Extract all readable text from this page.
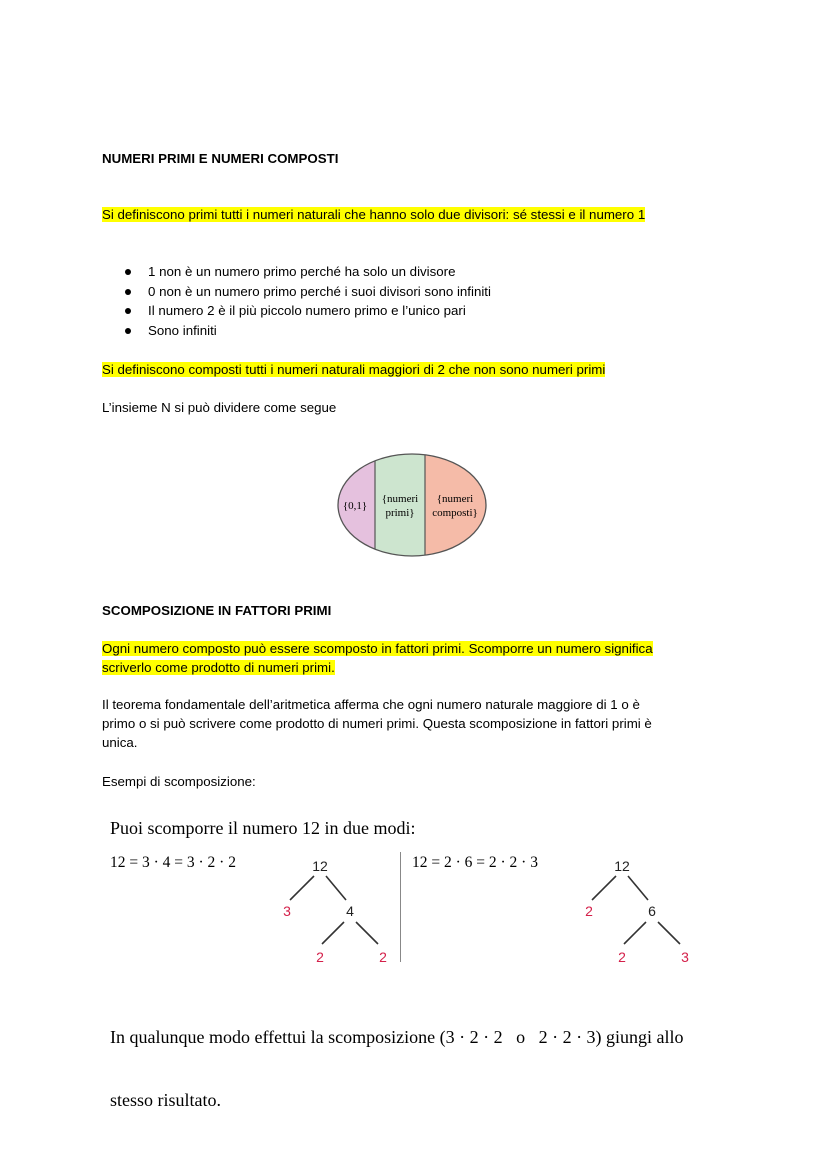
NUMERI PRIMI E NUMERI COMPOSTI
Si definiscono primi tutti i numeri naturali che hanno solo due divisori: sé stessi e il numero 1
1 non è un numero primo perché ha solo un divisore
0 non è un numero primo perché i suoi divisori sono infiniti
Il numero 2 è il più piccolo numero primo e l’unico pari
Sono infiniti
Si definiscono composti tutti i numeri naturali maggiori di 2 che non sono numeri primi
L’insieme N si può dividere come segue
{0,1}
{numeri
primi}
{numeri
composti}
SCOMPOSIZIONE IN FATTORI PRIMI
Ogni numero composto può essere scomposto in fattori primi. Scomporre un numero significa
scriverlo come prodotto di numeri primi.
Il teorema fondamentale dell’aritmetica afferma che ogni numero naturale maggiore di 1 o è
primo o si può scrivere come prodotto di numeri primi. Questa scomposizione in fattori primi è
unica.
Esempi di scomposizione:
Puoi scomporre il numero 12 in due modi:
12 = 3 · 4 = 3 · 2 · 2	12 = 2 · 6 = 2 · 2 · 3
12
3	4
2	2
12
2	6
2	3

In qualunque modo effettui la scomposizione (3 · 2 · 2   o   2 · 2 · 3) giungi allo

stesso risultato.
